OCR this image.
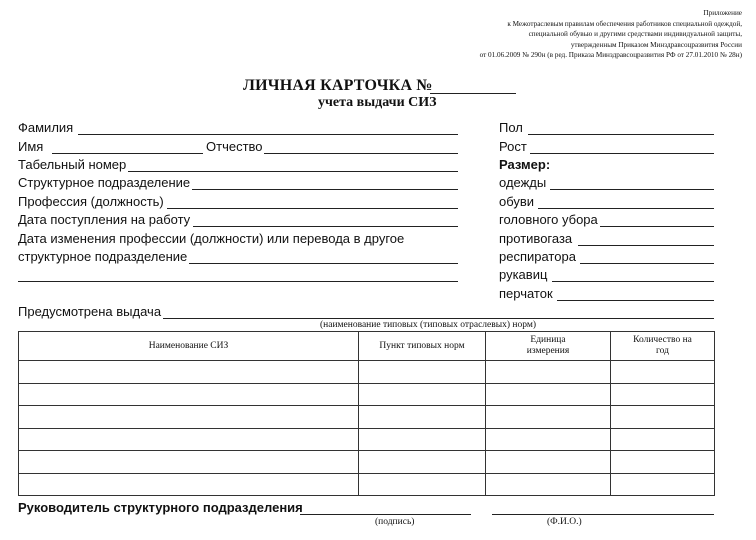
Приложение
к Межотраслевым правилам обеспечения работников специальной одеждой,
специальной обувью и другими средствами индивидуальной защиты,
утвержденным Приказом Минздравсоцразвития России
от 01.06.2009 № 290н (в ред. Приказа Минздравсоцразвития РФ от 27.01.2010 № 28н)
ЛИЧНАЯ КАРТОЧКА №
учета выдачи СИЗ
Фамилия
Имя	Отчество
Табельный номер
Структурное подразделение
Профессия (должность)
Дата поступления на работу
Дата изменения профессии (должности) или перевода в другое
структурное подразделение
Пол
Рост
Размер:
одежды
обуви
головного убора
противогаза
респиратора
рукавиц
перчаток
Предусмотрена выдача
(наименование типовых (типовых отраслевых) норм)
Наименование СИЗ	Пункт типовых норм	Единица измерения	Количество на год

Руководитель структурного подразделения
(подпись)	(Ф.И.О.)
